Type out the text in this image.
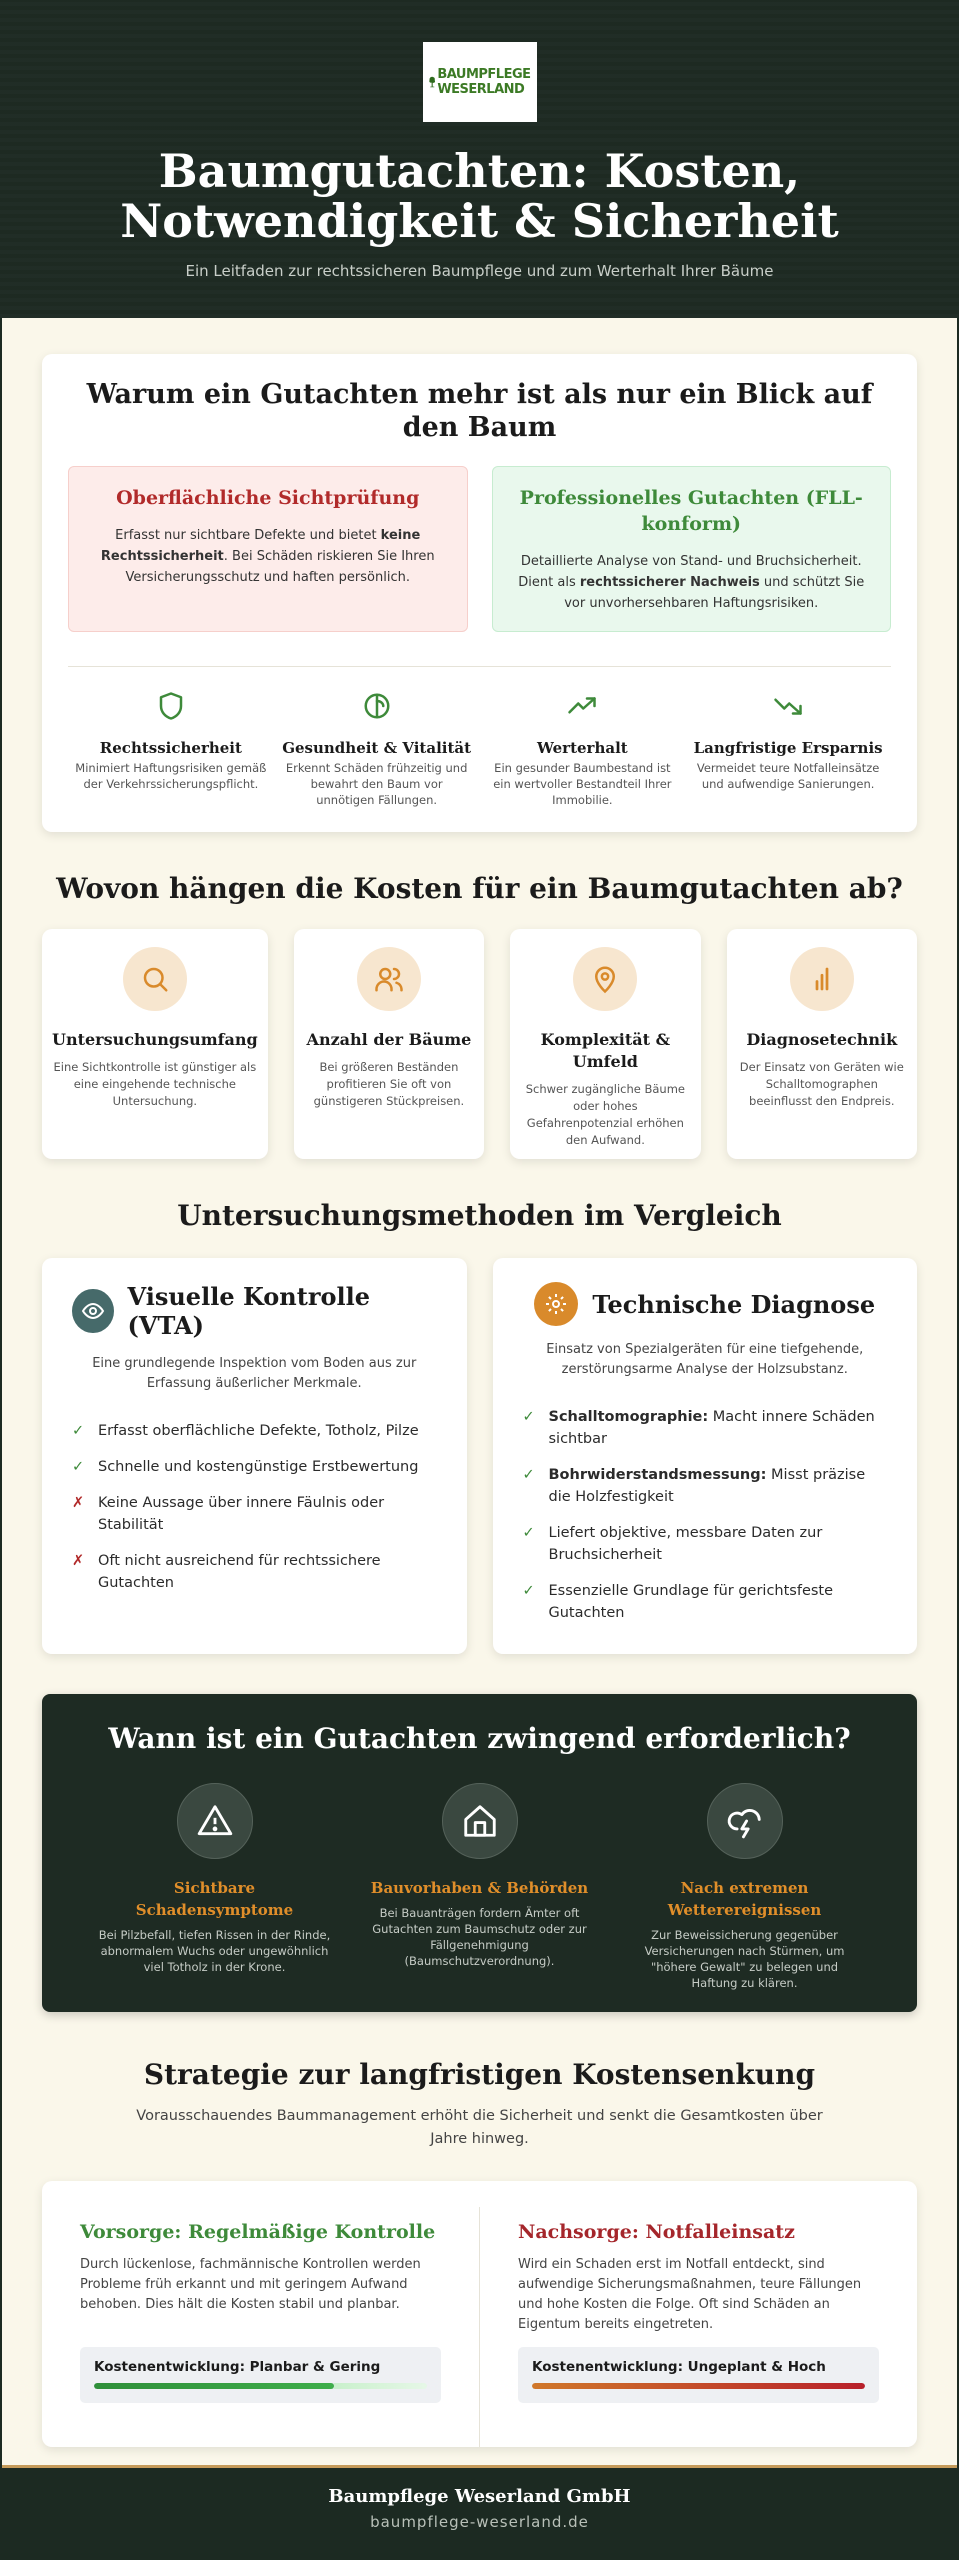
BAUMPFLEGE
WESERLAND
Baumgutachten: Kosten,
Notwendigkeit & Sicherheit

Ein Leitfaden zur rechtssicheren Baumpflege und zum Werterhalt Ihrer Bäume

Warum ein Gutachten mehr ist als nur ein Blick auf den Baum
Oberflächliche Sichtprüfung

Erfasst nur sichtbare Defekte und bietet keine Rechtssicherheit. Bei Schäden riskieren Sie Ihren Versicherungsschutz und haften persönlich.

Professionelles Gutachten (FLL-konform)

Detaillierte Analyse von Stand- und Bruchsicherheit. Dient als rechtssicherer Nachweis und schützt Sie vor unvorhersehbaren Haftungsrisiken.

Rechtssicherheit

Minimiert Haftungsrisiken gemäß der Verkehrssicherungspflicht.

Gesundheit & Vitalität

Erkennt Schäden frühzeitig und bewahrt den Baum vor unnötigen Fällungen.

Werterhalt

Ein gesunder Baumbestand ist ein wertvoller Bestandteil Ihrer Immobilie.

Langfristige Ersparnis

Vermeidet teure Notfalleinsätze und aufwendige Sanierungen.

Wovon hängen die Kosten für ein Baumgutachten ab?
Untersuchungsumfang

Eine Sichtkontrolle ist günstiger als eine eingehende technische Untersuchung.

Anzahl der Bäume

Bei größeren Beständen profitieren Sie oft von günstigeren Stückpreisen.

Komplexität & Umfeld

Schwer zugängliche Bäume oder hohes Gefahrenpotenzial erhöhen den Aufwand.

Diagnosetechnik

Der Einsatz von Geräten wie Schalltomographen beeinflusst den Endpreis.

Untersuchungsmethoden im Vergleich
Visuelle Kontrolle (VTA)

Eine grundlegende Inspektion vom Boden aus zur Erfassung äußerlicher Merkmale.

✓ Erfasst oberflächliche Defekte, Totholz, Pilze
✓ Schnelle und kostengünstige Erstbewertung
✗ Keine Aussage über innere Fäulnis oder Stabilität
✗ Oft nicht ausreichend für rechtssichere Gutachten
Technische Diagnose

Einsatz von Spezialgeräten für eine tiefgehende, zerstörungsarme Analyse der Holzsubstanz.

✓ Schalltomographie: Macht innere Schäden sichtbar
✓ Bohrwiderstandsmessung: Misst präzise die Holzfestigkeit
✓ Liefert objektive, messbare Daten zur Bruchsicherheit
✓ Essenzielle Grundlage für gerichtsfeste Gutachten
Wann ist ein Gutachten zwingend erforderlich?
Sichtbare Schadensymptome

Bei Pilzbefall, tiefen Rissen in der Rinde, abnormalem Wuchs oder ungewöhnlich viel Totholz in der Krone.

Bauvorhaben & Behörden

Bei Bauanträgen fordern Ämter oft Gutachten zum Baumschutz oder zur Fällgenehmigung (Baumschutzverordnung).

Nach extremen Wetterereignissen

Zur Beweissicherung gegenüber Versicherungen nach Stürmen, um "höhere Gewalt" zu belegen und Haftung zu klären.

Strategie zur langfristigen Kostensenkung

Vorausschauendes Baummanagement erhöht die Sicherheit und senkt die Gesamtkosten über Jahre hinweg.

Vorsorge: Regelmäßige Kontrolle

Durch lückenlose, fachmännische Kontrollen werden Probleme früh erkannt und mit geringem Aufwand behoben. Dies hält die Kosten stabil und planbar.

Kostenentwicklung: Planbar & Gering
Nachsorge: Notfalleinsatz

Wird ein Schaden erst im Notfall entdeckt, sind aufwendige Sicherungsmaßnahmen, teure Fällungen und hohe Kosten die Folge. Oft sind Schäden an Eigentum bereits eingetreten.

Kostenentwicklung: Ungeplant & Hoch
Baumpflege Weserland GmbH
baumpflege-weserland.de
